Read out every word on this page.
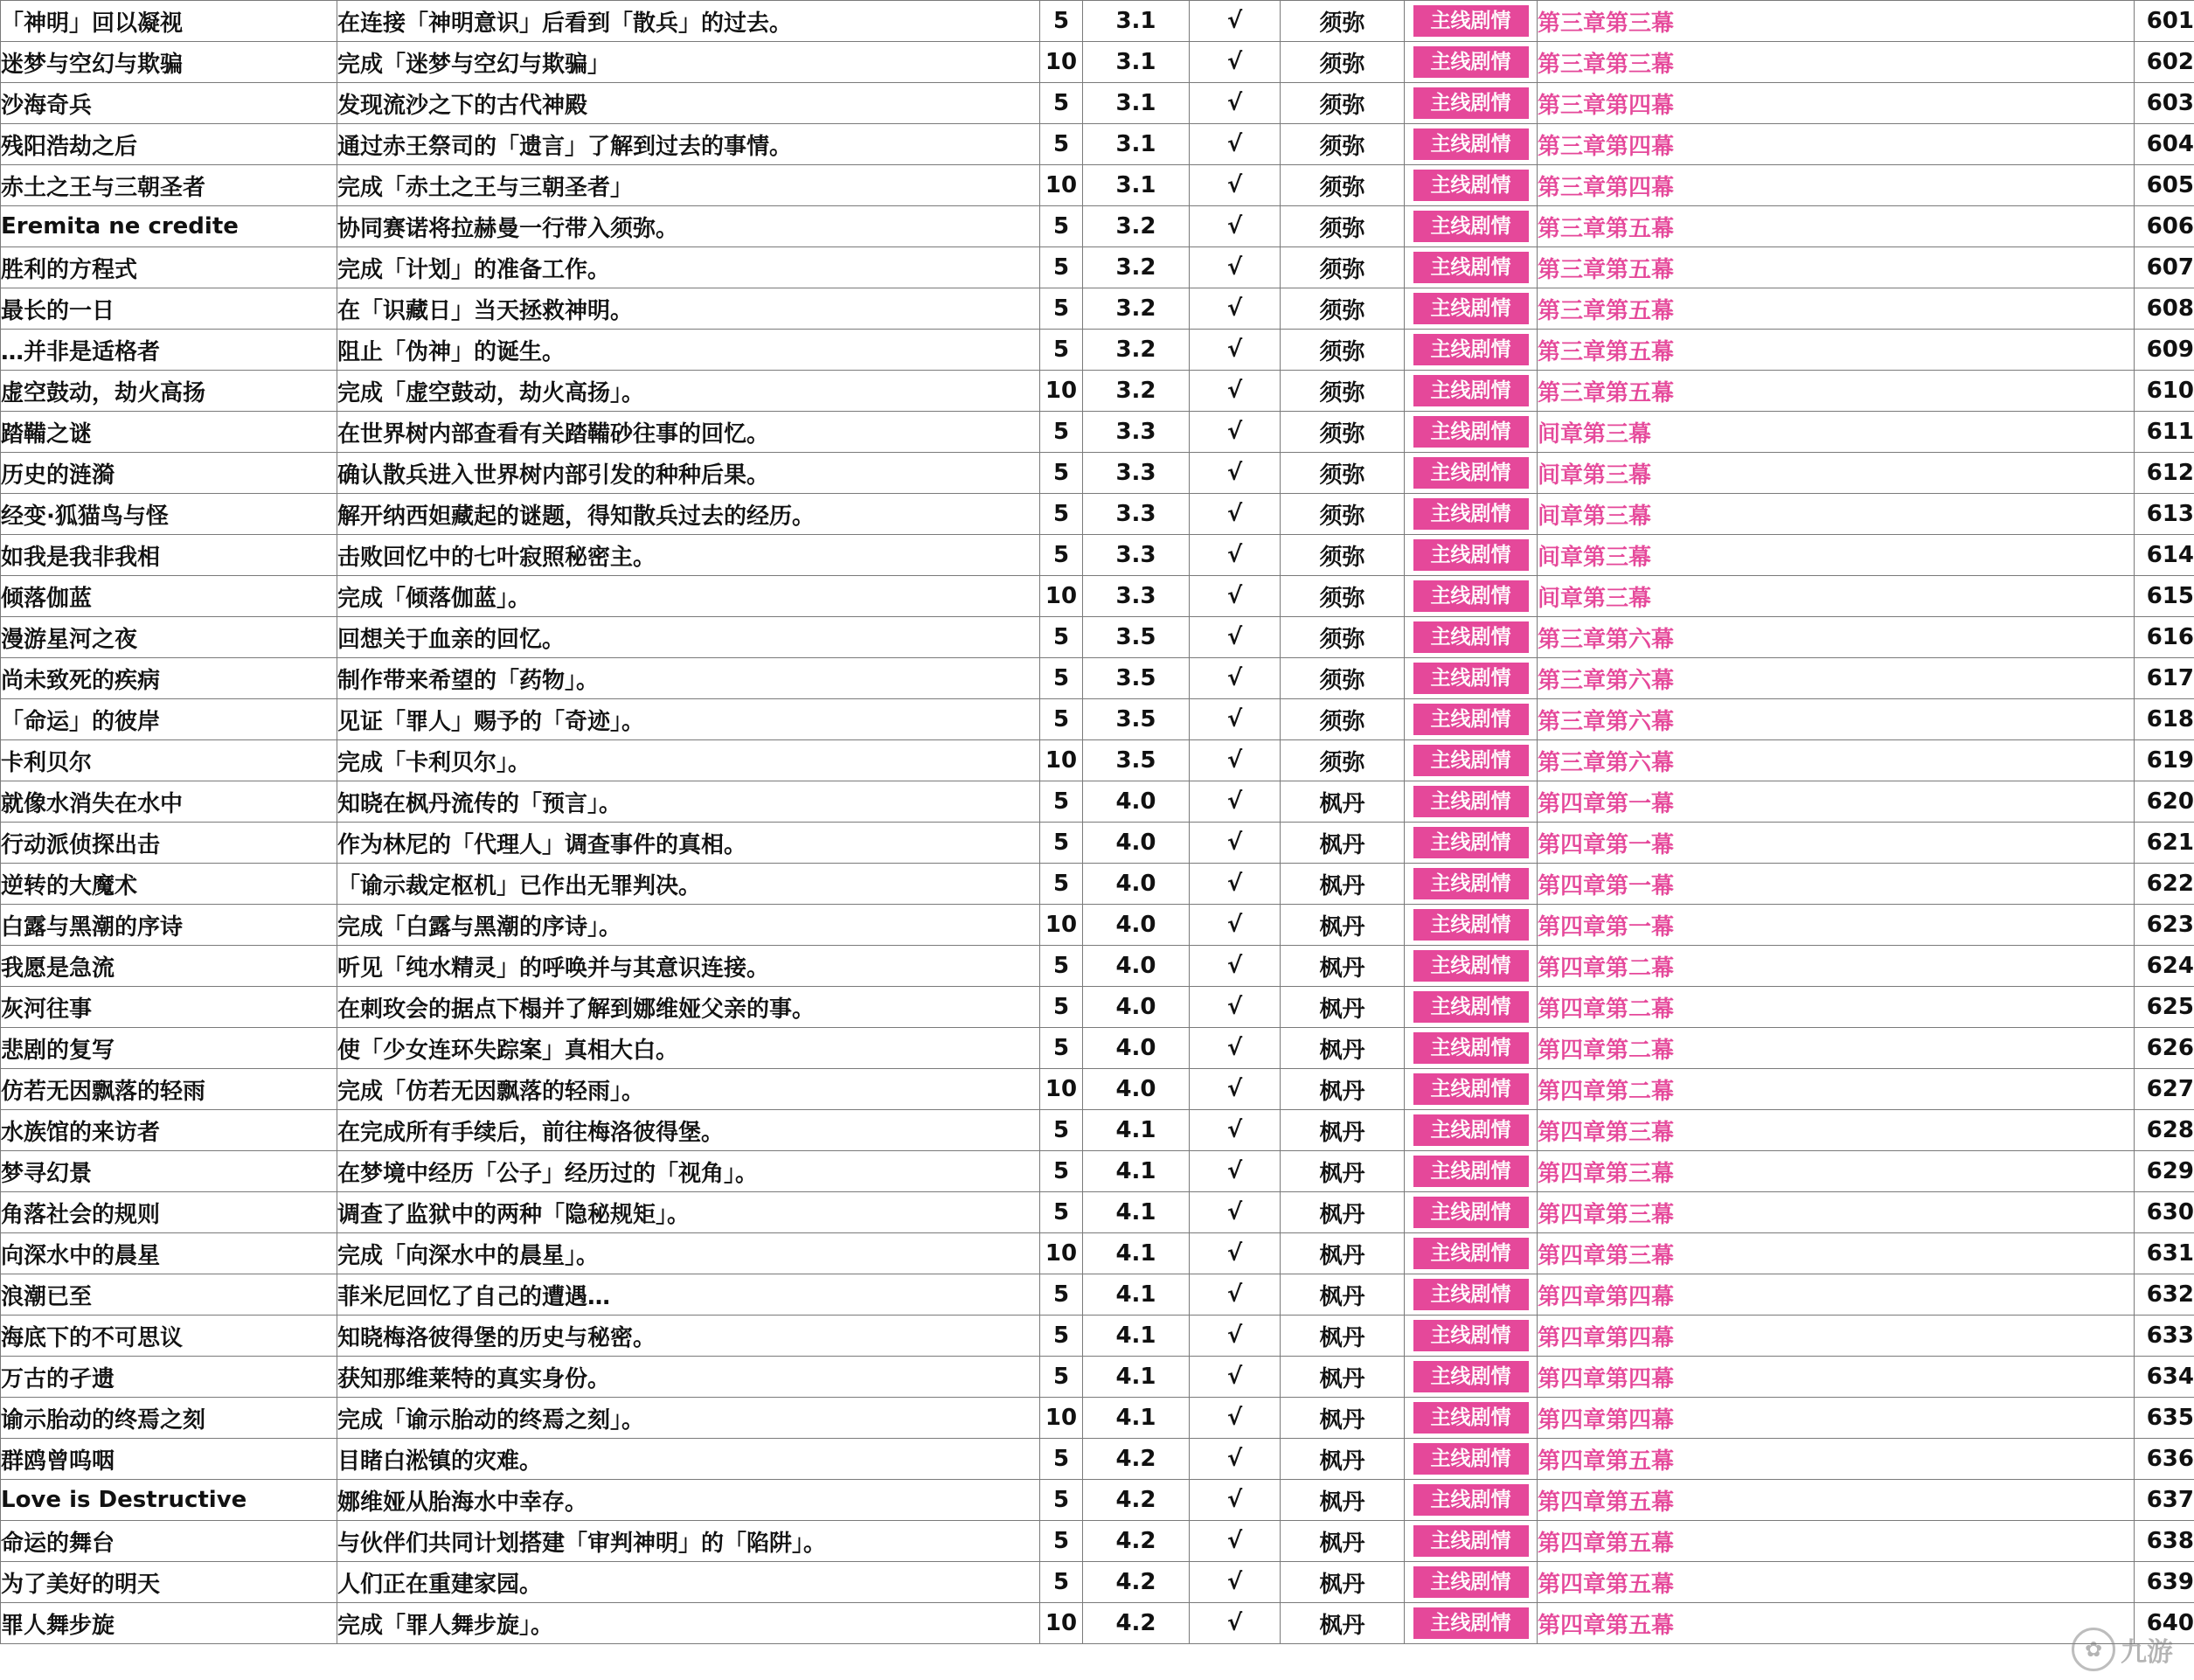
「神明」回以凝视	在连接「神明意识」后看到「散兵」的过去。	5	3.1	√	须弥	主线剧情	第三章第三幕	601
迷梦与空幻与欺骗	完成「迷梦与空幻与欺骗」	10	3.1	√	须弥	主线剧情	第三章第三幕	602
沙海奇兵	发现流沙之下的古代神殿	5	3.1	√	须弥	主线剧情	第三章第四幕	603
残阳浩劫之后	通过赤王祭司的「遗言」了解到过去的事情。	5	3.1	√	须弥	主线剧情	第三章第四幕	604
赤土之王与三朝圣者	完成「赤土之王与三朝圣者」	10	3.1	√	须弥	主线剧情	第三章第四幕	605
Eremita ne credite	协同赛诺将拉赫曼一行带入须弥。	5	3.2	√	须弥	主线剧情	第三章第五幕	606
胜利的方程式	完成「计划」的准备工作。	5	3.2	√	须弥	主线剧情	第三章第五幕	607
最长的一日	在「识藏日」当天拯救神明。	5	3.2	√	须弥	主线剧情	第三章第五幕	608
…并非是适格者	阻止「伪神」的诞生。	5	3.2	√	须弥	主线剧情	第三章第五幕	609
虚空鼓动，劫火高扬	完成「虚空鼓动，劫火高扬」。	10	3.2	√	须弥	主线剧情	第三章第五幕	610
踏鞴之谜	在世界树内部查看有关踏鞴砂往事的回忆。	5	3.3	√	须弥	主线剧情	间章第三幕	611
历史的涟漪	确认散兵进入世界树内部引发的种种后果。	5	3.3	√	须弥	主线剧情	间章第三幕	612
经变·狐猫鸟与怪	解开纳西妲藏起的谜题，得知散兵过去的经历。	5	3.3	√	须弥	主线剧情	间章第三幕	613
如我是我非我相	击败回忆中的七叶寂照秘密主。	5	3.3	√	须弥	主线剧情	间章第三幕	614
倾落伽蓝	完成「倾落伽蓝」。	10	3.3	√	须弥	主线剧情	间章第三幕	615
漫游星河之夜	回想关于血亲的回忆。	5	3.5	√	须弥	主线剧情	第三章第六幕	616
尚未致死的疾病	制作带来希望的「药物」。	5	3.5	√	须弥	主线剧情	第三章第六幕	617
「命运」的彼岸	见证「罪人」赐予的「奇迹」。	5	3.5	√	须弥	主线剧情	第三章第六幕	618
卡利贝尔	完成「卡利贝尔」。	10	3.5	√	须弥	主线剧情	第三章第六幕	619
就像水消失在水中	知晓在枫丹流传的「预言」。	5	4.0	√	枫丹	主线剧情	第四章第一幕	620
行动派侦探出击	作为林尼的「代理人」调查事件的真相。	5	4.0	√	枫丹	主线剧情	第四章第一幕	621
逆转的大魔术	「谕示裁定枢机」已作出无罪判决。	5	4.0	√	枫丹	主线剧情	第四章第一幕	622
白露与黑潮的序诗	完成「白露与黑潮的序诗」。	10	4.0	√	枫丹	主线剧情	第四章第一幕	623
我愿是急流	听见「纯水精灵」的呼唤并与其意识连接。	5	4.0	√	枫丹	主线剧情	第四章第二幕	624
灰河往事	在刺玫会的据点下榻并了解到娜维娅父亲的事。	5	4.0	√	枫丹	主线剧情	第四章第二幕	625
悲剧的复写	使「少女连环失踪案」真相大白。	5	4.0	√	枫丹	主线剧情	第四章第二幕	626
仿若无因飘落的轻雨	完成「仿若无因飘落的轻雨」。	10	4.0	√	枫丹	主线剧情	第四章第二幕	627
水族馆的来访者	在完成所有手续后，前往梅洛彼得堡。	5	4.1	√	枫丹	主线剧情	第四章第三幕	628
梦寻幻景	在梦境中经历「公子」经历过的「视角」。	5	4.1	√	枫丹	主线剧情	第四章第三幕	629
角落社会的规则	调查了监狱中的两种「隐秘规矩」。	5	4.1	√	枫丹	主线剧情	第四章第三幕	630
向深水中的晨星	完成「向深水中的晨星」。	10	4.1	√	枫丹	主线剧情	第四章第三幕	631
浪潮已至	菲米尼回忆了自己的遭遇…	5	4.1	√	枫丹	主线剧情	第四章第四幕	632
海底下的不可思议	知晓梅洛彼得堡的历史与秘密。	5	4.1	√	枫丹	主线剧情	第四章第四幕	633
万古的孑遗	获知那维莱特的真实身份。	5	4.1	√	枫丹	主线剧情	第四章第四幕	634
谕示胎动的终焉之刻	完成「谕示胎动的终焉之刻」。	10	4.1	√	枫丹	主线剧情	第四章第四幕	635
群鸥曾呜咽	目睹白淞镇的灾难。	5	4.2	√	枫丹	主线剧情	第四章第五幕	636
Love is Destructive	娜维娅从胎海水中幸存。	5	4.2	√	枫丹	主线剧情	第四章第五幕	637
命运的舞台	与伙伴们共同计划搭建「审判神明」的「陷阱」。	5	4.2	√	枫丹	主线剧情	第四章第五幕	638
为了美好的明天	人们正在重建家园。	5	4.2	√	枫丹	主线剧情	第四章第五幕	639
罪人舞步旋	完成「罪人舞步旋」。	10	4.2	√	枫丹	主线剧情	第四章第五幕	640
✿ 九游
